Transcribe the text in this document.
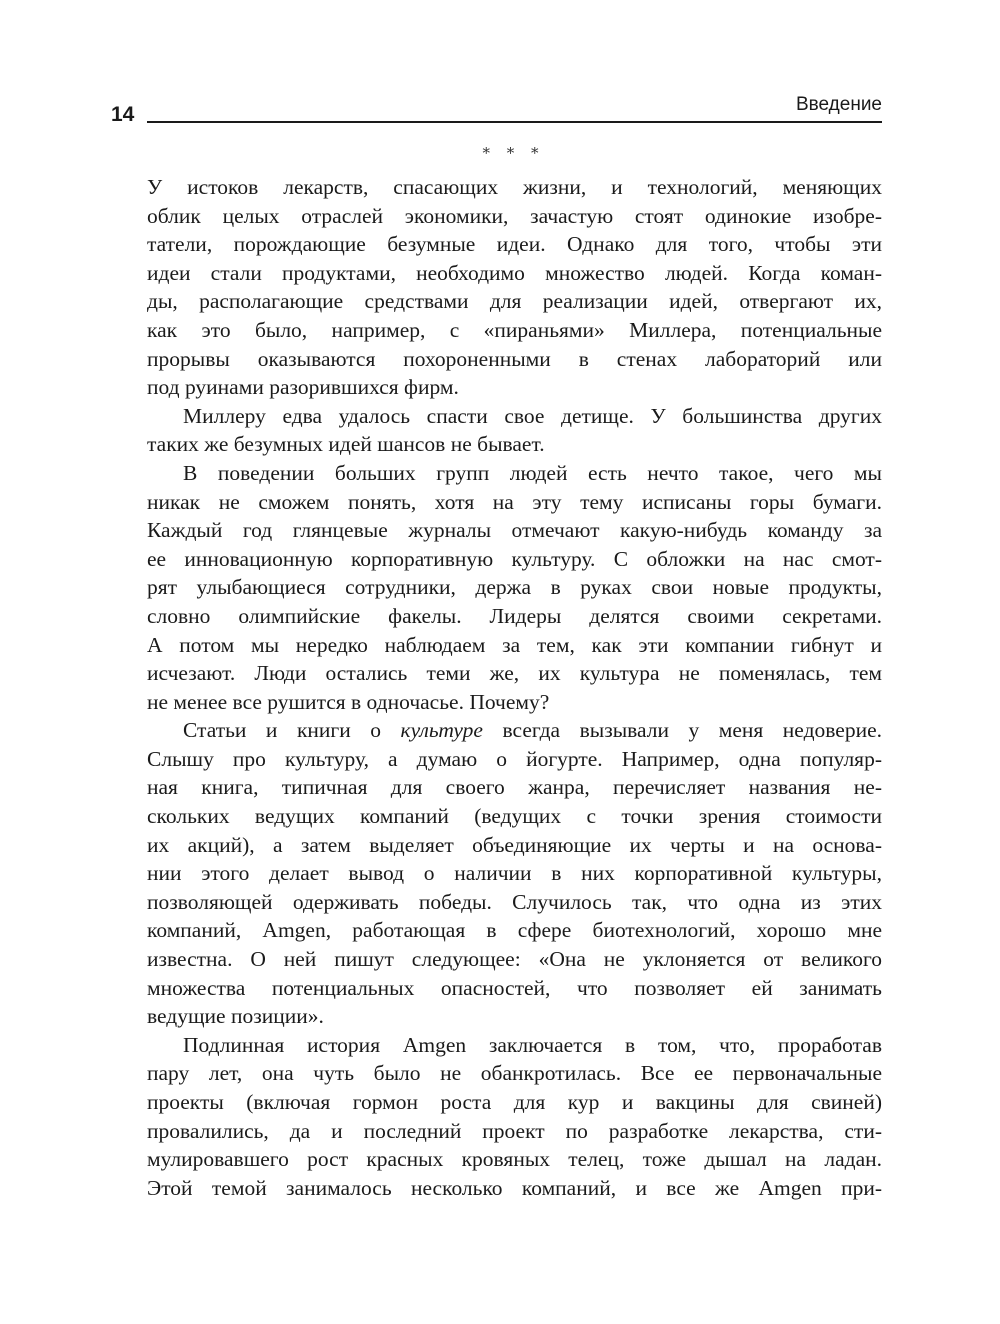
14	Введение
* * *
У истоков лекарств, спасающих жизни, и технологий, меняющих
облик целых отраслей экономики, зачастую стоят одинокие изобре-
татели, порождающие безумные идеи. Однако для того, чтобы эти
идеи стали продуктами, необходимо множество людей. Когда коман-
ды, располагающие средствами для реализации идей, отвергают их,
как это было, например, с «пираньями» Миллера, потенциальные
прорывы оказываются похороненными в стенах лабораторий или
под руинами разорившихся фирм.
Миллеру едва удалось спасти свое детище. У большинства других
таких же безумных идей шансов не бывает.
В поведении больших групп людей есть нечто такое, чего мы
никак не сможем понять, хотя на эту тему исписаны горы бумаги.
Каждый год глянцевые журналы отмечают какую-нибудь команду за
ее инновационную корпоративную культуру. С обложки на нас смот-
рят улыбающиеся сотрудники, держа в руках свои новые продукты,
словно олимпийские факелы. Лидеры делятся своими секретами.
А потом мы нередко наблюдаем за тем, как эти компании гибнут и
исчезают. Люди остались теми же, их культура не поменялась, тем
не менее все рушится в одночасье. Почему?
Статьи и книги о культуре всегда вызывали у меня недоверие.
Слышу про культуру, а думаю о йогурте. Например, одна популяр-
ная книга, типичная для своего жанра, перечисляет названия не-
скольких ведущих компаний (ведущих с точки зрения стоимости
их акций), а затем выделяет объединяющие их черты и на основа-
нии этого делает вывод о наличии в них корпоративной культуры,
позволяющей одерживать победы. Случилось так, что одна из этих
компаний, Amgen, работающая в сфере биотехнологий, хорошо мне
известна. О ней пишут следующее: «Она не уклоняется от великого
множества потенциальных опасностей, что позволяет ей занимать
ведущие позиции».
Подлинная история Amgen заключается в том, что, проработав
пару лет, она чуть было не обанкротилась. Все ее первоначальные
проекты (включая гормон роста для кур и вакцины для свиней)
провалились, да и последний проект по разработке лекарства, сти-
мулировавшего рост красных кровяных телец, тоже дышал на ладан.
Этой темой занималось несколько компаний, и все же Amgen при-
